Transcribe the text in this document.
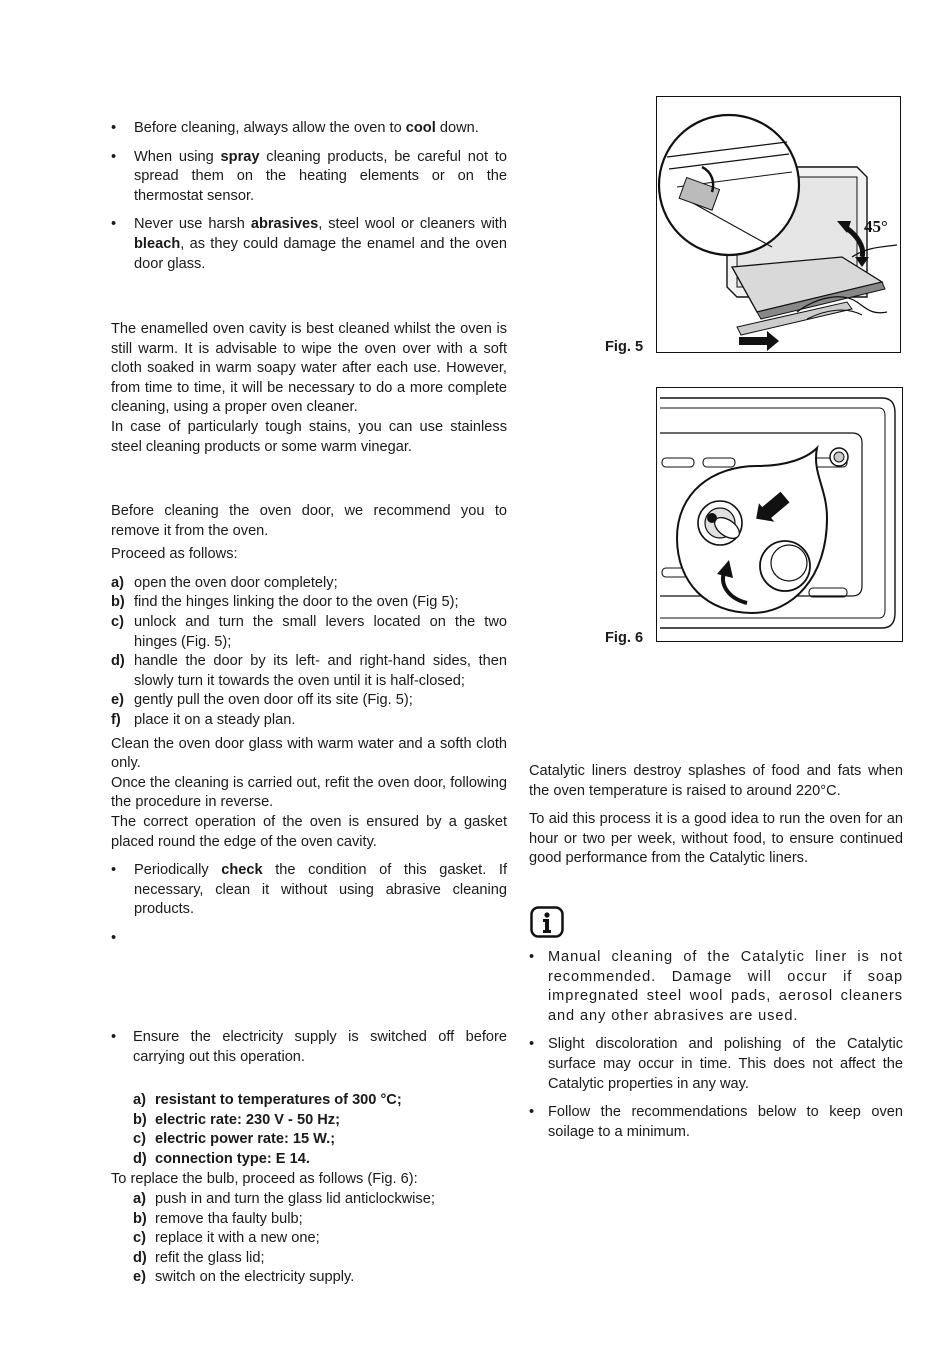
• Before cleaning, always allow the oven to cool down.
• When using spray cleaning products, be careful not to spread them on the heating elements or on the thermostat sensor.
• Never use harsh abrasives, steel wool or cleaners with bleach, as they could damage the enamel and the oven door glass.
The enamelled oven cavity is best cleaned whilst the oven is still warm. It is advisable to wipe the oven over with a soft cloth soaked in warm soapy water after each use. However, from time to time, it will be necessary to do a more complete cleaning, using a proper oven cleaner.
In case of particularly tough stains, you can use stainless steel cleaning products or some warm vinegar.
Before cleaning the oven door, we recommend you to remove it from the oven.
Proceed as follows:
a) open the oven door completely;
b) find the hinges linking the door to the oven (Fig 5);
c) unlock and turn the small levers located on the two hinges (Fig. 5);
d) handle the door by its left- and right-hand sides, then slowly turn it towards the oven until it is half-closed;
e) gently pull the oven door off its site (Fig. 5);
f) place it on a steady plan.
Clean the oven door glass with warm water and a softh cloth only.
Once the cleaning is carried out, refit the oven door, following the procedure in reverse.
The correct operation of the oven is ensured by a gasket placed round the edge of the oven cavity.
• Periodically check the condition of this gasket. If necessary, clean it without using abrasive cleaning products.
•
• Ensure the electricity supply is switched off before carrying out this operation.
a) resistant to temperatures of 300 °C;
b) electric rate: 230 V - 50 Hz;
c) electric power rate: 15 W.;
d) connection type: E 14.
To replace the bulb, proceed as follows (Fig. 6):
a) push in and turn the glass lid anticlockwise;
b) remove tha faulty bulb;
c) replace it with a new one;
d) refit the glass lid;
e) switch on the electricity supply.
Fig. 5
45°
Fig. 6
Catalytic liners destroy splashes of food and fats when the oven temperature is raised to around 220°C.
To aid this process it is a good idea to run the oven for an hour or two per week, without food, to ensure continued good performance from the Catalytic liners.
• Manual cleaning of the Catalytic liner is not recommended. Damage will occur if soap impregnated steel wool pads, aerosol cleaners and any other abrasives are used.
• Slight discoloration and polishing of the Catalytic surface may occur in time. This does not affect the Catalytic properties in any way.
• Follow the recommendations below to keep oven soilage to a minimum.
